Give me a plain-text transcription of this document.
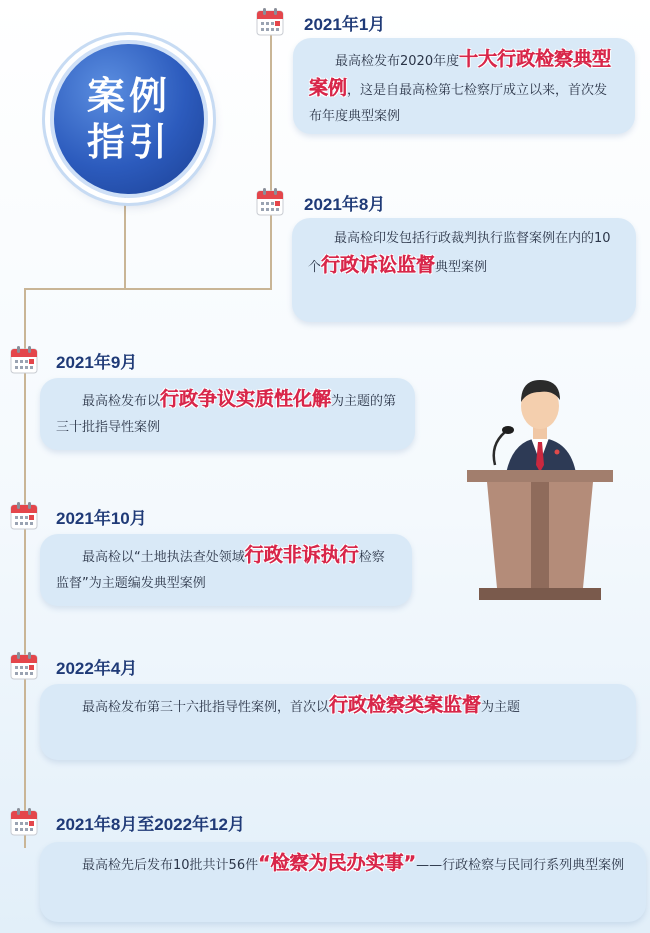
案例
指引
2021年1月
最高检发布2020年度十大行政检察典型案例，这是自最高检第七检察厅成立以来，首次发布年度典型案例
2021年8月
最高检印发包括行政裁判执行监督案例在内的10个行政诉讼监督典型案例
2021年9月
最高检发布以行政争议实质性化解为主题的第三十批指导性案例
2021年10月
最高检以“土地执法查处领域行政非诉执行检察监督”为主题编发典型案例
2022年4月
最高检发布第三十六批指导性案例，首次以行政检察类案监督为主题
2021年8月至2022年12月
最高检先后发布10批共计56件“检察为民办实事”——行政检察与民同行系列典型案例
